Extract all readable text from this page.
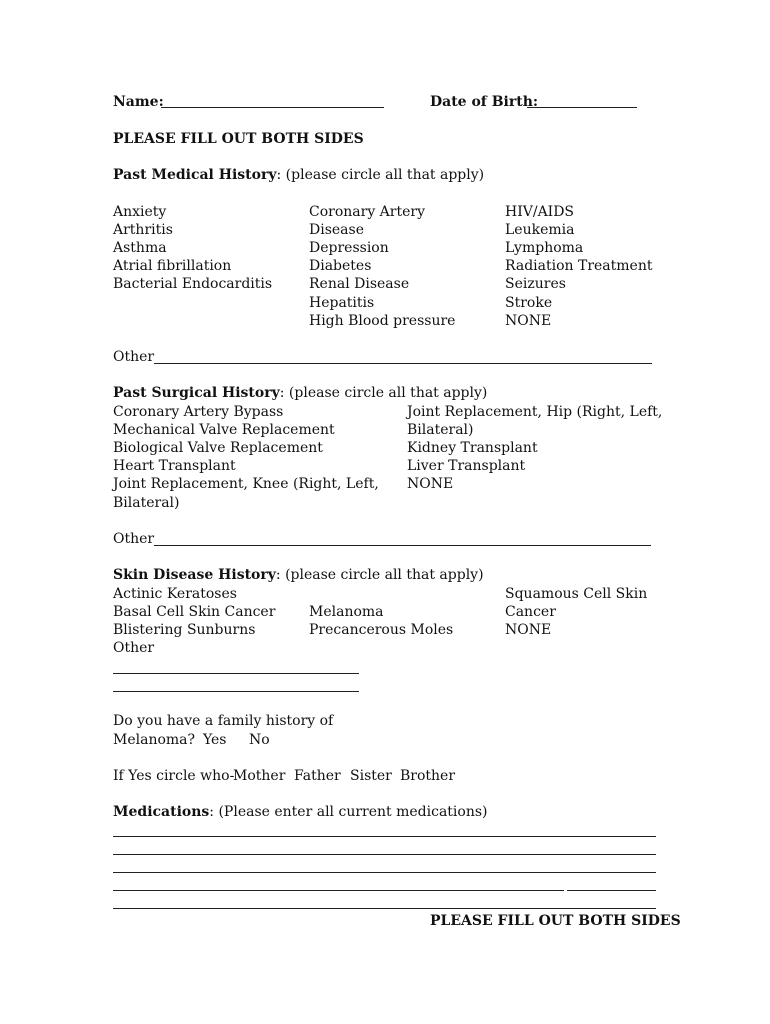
Name:	Date of Birth:
PLEASE FILL OUT BOTH SIDES
Past Medical History: (please circle all that apply)
Anxiety
Arthritis
Asthma
Atrial fibrillation
Bacterial Endocarditis
Coronary Artery
Disease
Depression
Diabetes
Renal Disease
Hepatitis
High Blood pressure
HIV/AIDS
Leukemia
Lymphoma
Radiation Treatment
Seizures
Stroke
NONE
Other
Past Surgical History: (please circle all that apply)
Coronary Artery Bypass
Mechanical Valve Replacement
Biological Valve Replacement
Heart Transplant
Joint Replacement, Knee (Right, Left,
Bilateral)
Joint Replacement, Hip (Right, Left,
Bilateral)
Kidney Transplant
Liver Transplant
NONE
Other
Skin Disease History: (please circle all that apply)
Actinic Keratoses
Basal Cell Skin Cancer
Blistering Sunburns
Other
Melanoma
Precancerous Moles
Squamous Cell Skin
Cancer
NONE
Do you have a family history of
Melanoma? Yes No
If Yes circle who-
Mother Father Sister Brother
Medications: (Please enter all current medications)
PLEASE FILL OUT BOTH SIDES
